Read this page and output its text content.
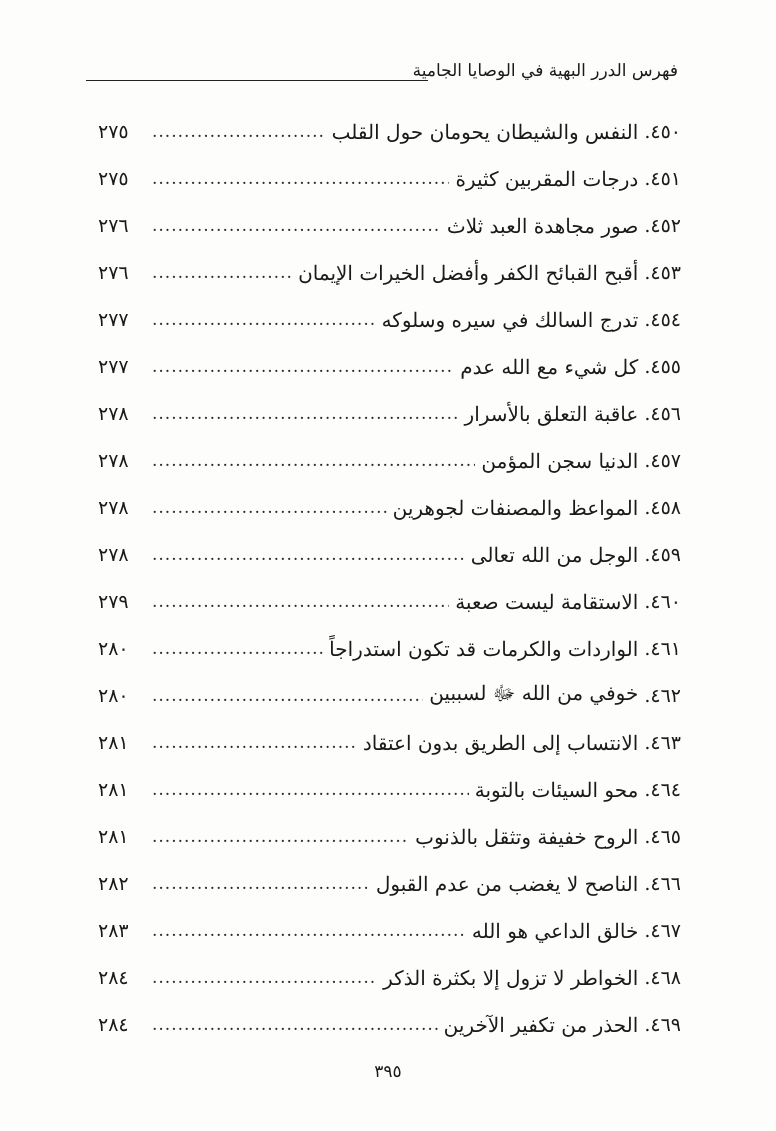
فهرس الدرر البهية في الوصايا الجامية
٤٥٠.
النفس والشيطان يحومان حول القلب
.....
٢٧٥
٤٥١.
درجات المقربين كثيرة
.....
٢٧٥
٤٥٢.
صور مجاهدة العبد ثلاث
.....
٢٧٦
٤٥٣.
أقبح القبائح الكفر وأفضل الخيرات الإيمان
.....
٢٧٦
٤٥٤.
تدرج السالك في سيره وسلوكه
.....
٢٧٧
٤٥٥.
كل شيء مع الله عدم
.....
٢٧٧
٤٥٦.
عاقبة التعلق بالأسرار
.....
٢٧٨
٤٥٧.
الدنيا سجن المؤمن
.....
٢٧٨
٤٥٨.
المواعظ والمصنفات لجوهرين
.....
٢٧٨
٤٥٩.
الوجل من الله تعالى
.....
٢٧٨
٤٦٠.
الاستقامة ليست صعبة
.....
٢٧٩
٤٦١.
الواردات والكرمات قد تكون استدراجاً
.....
٢٨٠
٤٦٢.
خوفي من الله ﷻ لسببين
.....
٢٨٠
٤٦٣.
الانتساب إلى الطريق بدون اعتقاد
.....
٢٨١
٤٦٤.
محو السيئات بالتوبة
.....
٢٨١
٤٦٥.
الروح خفيفة وتثقل بالذنوب
.....
٢٨١
٤٦٦.
الناصح لا يغضب من عدم القبول
.....
٢٨٢
٤٦٧.
خالق الداعي هو الله
.....
٢٨٣
٤٦٨.
الخواطر لا تزول إلا بكثرة الذكر
.....
٢٨٤
٤٦٩.
الحذر من تكفير الآخرين
.....
٢٨٤
٣٩٥
